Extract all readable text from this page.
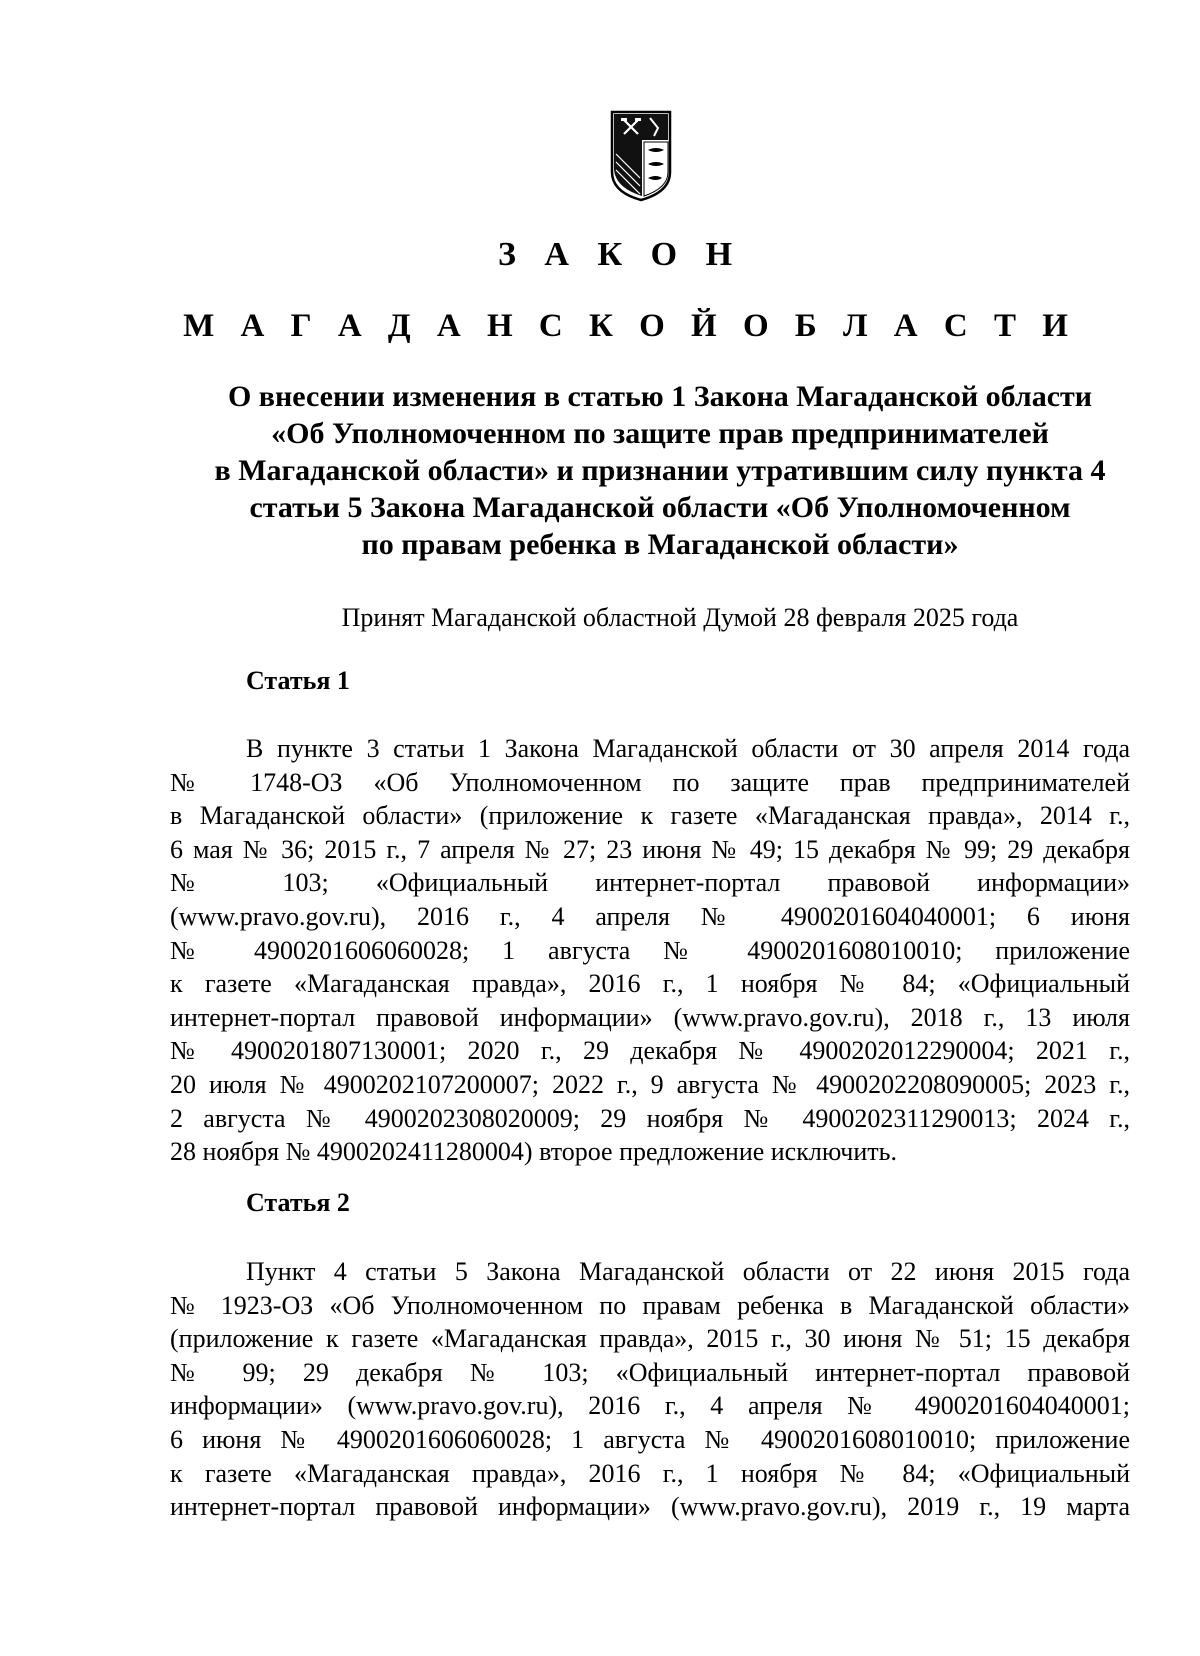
З А К О Н
М А Г А Д А Н С К О Й О Б Л А С Т И
О внесении изменения в статью 1 Закона Магаданской области
«Об Уполномоченном по защите прав предпринимателей
в Магаданской области» и признании утратившим силу пункта 4
статьи 5 Закона Магаданской области «Об Уполномоченном
по правам ребенка в Магаданской области»
Принят Магаданской областной Думой 28 февраля 2025 года
Статья 1
В пункте 3 статьи 1 Закона Магаданской области от 30 апреля 2014 года
№ 1748-ОЗ «Об Уполномоченном по защите прав предпринимателей
в Магаданской области» (приложение к газете «Магаданская правда», 2014 г.,
6 мая № 36; 2015 г., 7 апреля № 27; 23 июня № 49; 15 декабря № 99; 29 декабря
№ 103; «Официальный интернет-портал правовой информации»
(www.pravo.gov.ru), 2016 г., 4 апреля № 4900201604040001; 6 июня
№ 4900201606060028; 1 августа № 4900201608010010; приложение
к газете «Магаданская правда», 2016 г., 1 ноября № 84; «Официальный
интернет-портал правовой информации» (www.pravo.gov.ru), 2018 г., 13 июля
№ 4900201807130001; 2020 г., 29 декабря № 4900202012290004; 2021 г.,
20 июля № 4900202107200007; 2022 г., 9 августа № 4900202208090005; 2023 г.,
2 августа № 4900202308020009; 29 ноября № 4900202311290013; 2024 г.,
28 ноября № 4900202411280004) второе предложение исключить.
Статья 2
Пункт 4 статьи 5 Закона Магаданской области от 22 июня 2015 года
№ 1923-ОЗ «Об Уполномоченном по правам ребенка в Магаданской области»
(приложение к газете «Магаданская правда», 2015 г., 30 июня № 51; 15 декабря
№ 99; 29 декабря № 103; «Официальный интернет-портал правовой
информации» (www.pravo.gov.ru), 2016 г., 4 апреля № 4900201604040001;
6 июня № 4900201606060028; 1 августа № 4900201608010010; приложение
к газете «Магаданская правда», 2016 г., 1 ноября № 84; «Официальный
интернет-портал правовой информации» (www.pravo.gov.ru), 2019 г., 19 марта
